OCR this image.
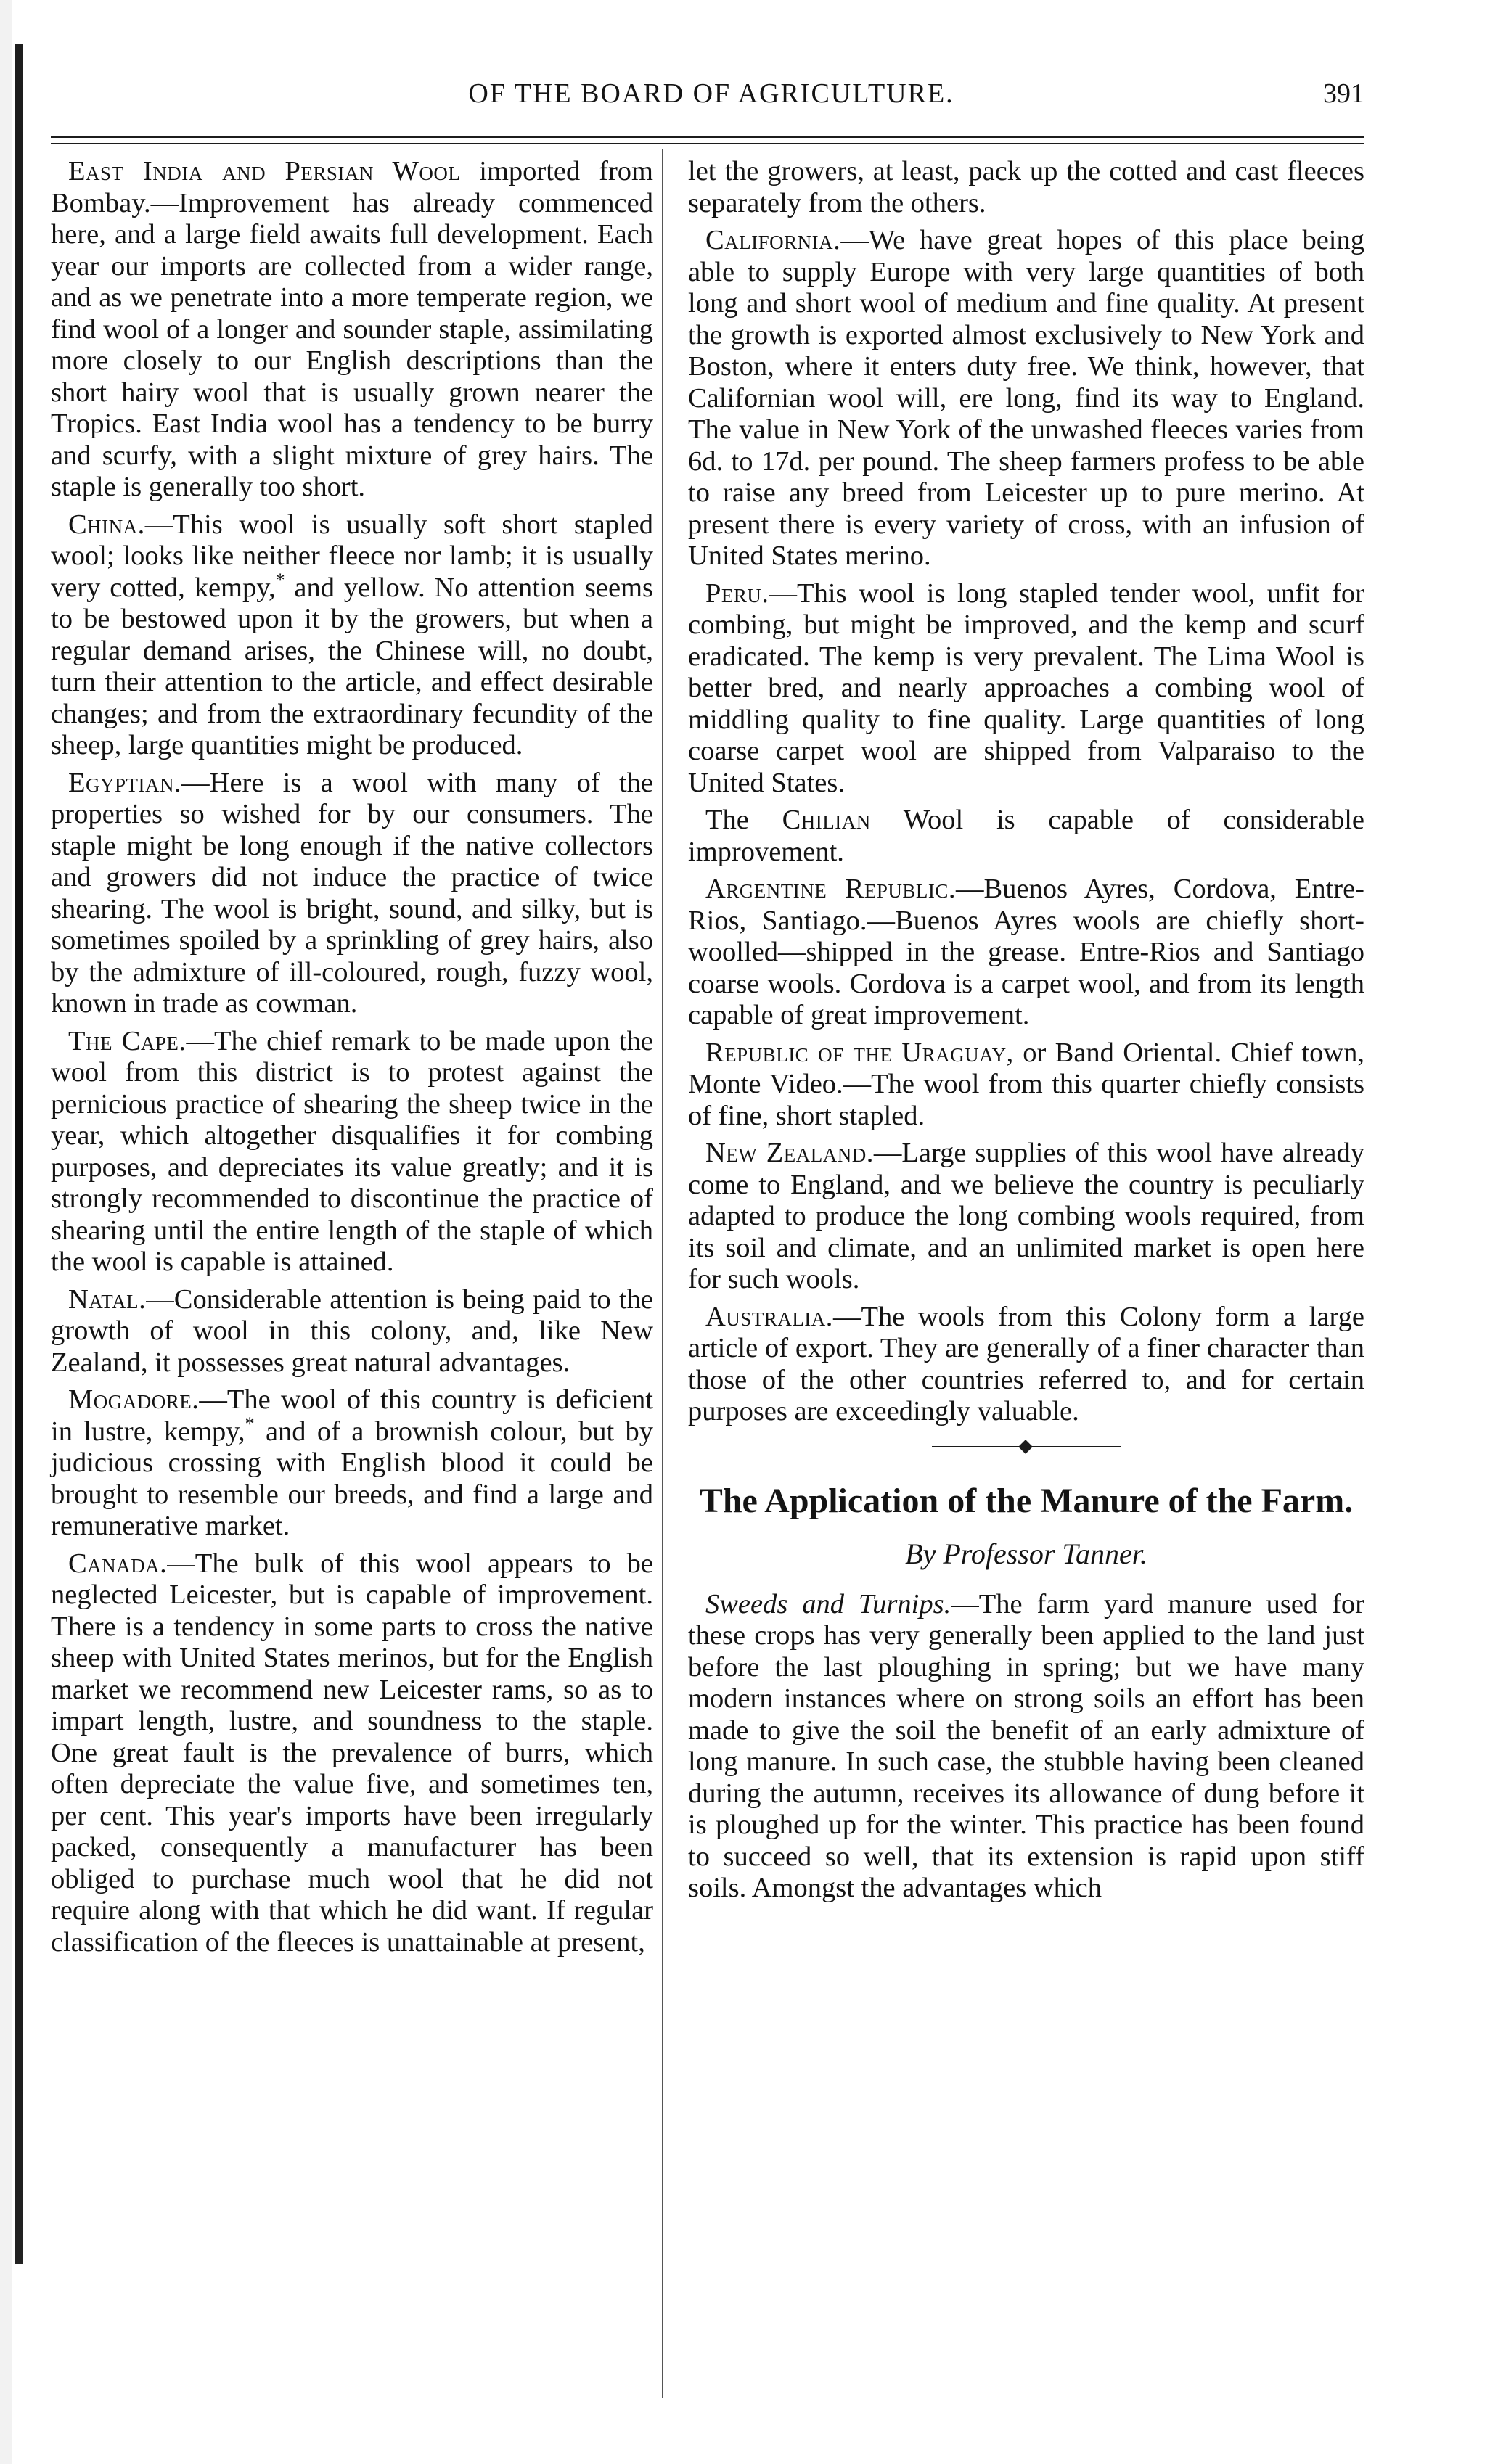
OF THE BOARD OF AGRICULTURE.	391

East India and Persian Wool imported from Bombay.—Improvement has already commenced here, and a large field awaits full development. Each year our imports are collected from a wider range, and as we penetrate into a more temperate region, we find wool of a longer and sounder staple, assimilating more closely to our English descriptions than the short hairy wool that is usually grown nearer the Tropics. East India wool has a tendency to be burry and scurfy, with a slight mixture of grey hairs. The staple is generally too short.

China.—This wool is usually soft short stapled wool; looks like neither fleece nor lamb; it is usually very cotted, kempy,* and yellow. No attention seems to be bestowed upon it by the growers, but when a regular demand arises, the Chinese will, no doubt, turn their attention to the article, and effect desirable changes; and from the extraordinary fecundity of the sheep, large quantities might be produced.

Egyptian.—Here is a wool with many of the properties so wished for by our consumers. The staple might be long enough if the native collectors and growers did not induce the practice of twice shearing. The wool is bright, sound, and silky, but is sometimes spoiled by a sprinkling of grey hairs, also by the admixture of ill-coloured, rough, fuzzy wool, known in trade as cowman.

The Cape.—The chief remark to be made upon the wool from this district is to protest against the pernicious practice of shearing the sheep twice in the year, which altogether disqualifies it for combing purposes, and depreciates its value greatly; and it is strongly recommended to discontinue the practice of shearing until the entire length of the staple of which the wool is capable is attained.

Natal.—Considerable attention is being paid to the growth of wool in this colony, and, like New Zealand, it possesses great natural advantages.

Mogadore.—The wool of this country is deficient in lustre, kempy,* and of a brownish colour, but by judicious crossing with English blood it could be brought to resemble our breeds, and find a large and remunerative market.

Canada.—The bulk of this wool appears to be neglected Leicester, but is capable of improvement. There is a tendency in some parts to cross the native sheep with United States merinos, but for the English market we recommend new Leicester rams, so as to impart length, lustre, and soundness to the staple. One great fault is the prevalence of burrs, which often depreciate the value five, and sometimes ten, per cent. This year's imports have been irregularly packed, consequently a manufacturer has been obliged to purchase much wool that he did not require along with that which he did want. If regular classification of the fleeces is unattainable at present,

let the growers, at least, pack up the cotted and cast fleeces separately from the others.

California.—We have great hopes of this place being able to supply Europe with very large quantities of both long and short wool of medium and fine quality. At present the growth is exported almost exclusively to New York and Boston, where it enters duty free. We think, however, that Californian wool will, ere long, find its way to England. The value in New York of the unwashed fleeces varies from 6d. to 17d. per pound. The sheep farmers profess to be able to raise any breed from Leicester up to pure merino. At present there is every variety of cross, with an infusion of United States merino.

Peru.—This wool is long stapled tender wool, unfit for combing, but might be improved, and the kemp and scurf eradicated. The kemp is very prevalent. The Lima Wool is better bred, and nearly approaches a combing wool of middling quality to fine quality. Large quantities of long coarse carpet wool are shipped from Valparaiso to the United States.

The Chilian Wool is capable of considerable improvement.

Argentine Republic.—Buenos Ayres, Cordova, Entre-Rios, Santiago.—Buenos Ayres wools are chiefly short-woolled—shipped in the grease. Entre-Rios and Santiago coarse wools. Cordova is a carpet wool, and from its length capable of great improvement.

Republic of the Uraguay, or Band Oriental. Chief town, Monte Video.—The wool from this quarter chiefly consists of fine, short stapled.

New Zealand.—Large supplies of this wool have already come to England, and we believe the country is peculiarly adapted to produce the long combing wools required, from its soil and climate, and an unlimited market is open here for such wools.

Australia.—The wools from this Colony form a large article of export. They are generally of a finer character than those of the other countries referred to, and for certain purposes are exceedingly valuable.

The Application of the Manure of the Farm.
By Professor Tanner.

Sweeds and Turnips.—The farm yard manure used for these crops has very generally been applied to the land just before the last ploughing in spring; but we have many modern instances where on strong soils an effort has been made to give the soil the benefit of an early admixture of long manure. In such case, the stubble having been cleaned during the autumn, receives its allowance of dung before it is ploughed up for the winter. This practice has been found to succeed so well, that its extension is rapid upon stiff soils. Amongst the advantages which
